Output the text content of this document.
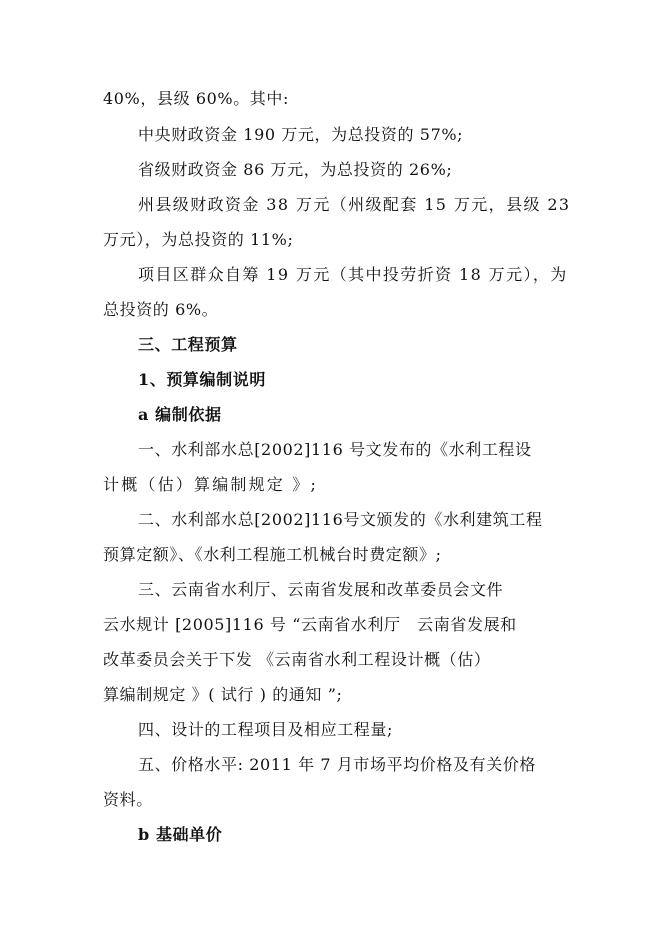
40%，县级 60%。其中:
中央财政资金 190 万元，为总投资的 57%;
省级财政资金 86 万元，为总投资的 26%;
州县级财政资金 38 万元（州级配套 15 万元，县级 23
万元），为总投资的 11%;
项目区群众自筹 19 万元（其中投劳折资 18 万元），为
总投资的 6%。
三、工程预算
1、预算编制说明
a 编制依据
一、水利部水总[2002]116 号文发布的《水利工程设
计概（估）算编制规定 》;
二、水利部水总[2002]116号文颁发的《水利建筑工程
预算定额》、《水利工程施工机械台时费定额》;
三、云南省水利厅、云南省发展和改革委员会文件
云水规计 [2005]116 号 “云南省水利厅　云南省发展和
改革委员会关于下发 《云南省水利工程设计概（估）
算编制规定 》( 试行 ) 的通知 ”;
四、设计的工程项目及相应工程量;
五、价格水平: 2011 年 7 月市场平均价格及有关价格
资料。
b 基础单价
